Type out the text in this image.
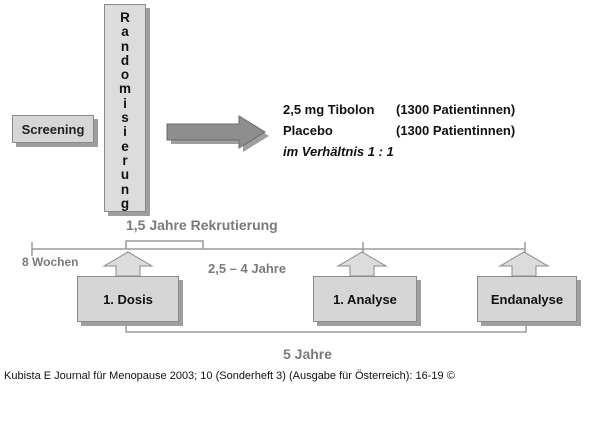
Screening
R
a
n
d
o
m
i
s
i
e
r
u
n
g
2,5 mg Tibolon (1300 Patientinnen)
Placebo	(1300 Patientinnen)
im Verhältnis 1 : 1
1,5 Jahre Rekrutierung
8 Wochen	2,5 – 4 Jahre
5 Jahre
1. Dosis	1. Analyse	Endanalyse
Kubista E Journal für Menopause 2003; 10 (Sonderheft 3) (Ausgabe für Österreich): 16-19 ©
